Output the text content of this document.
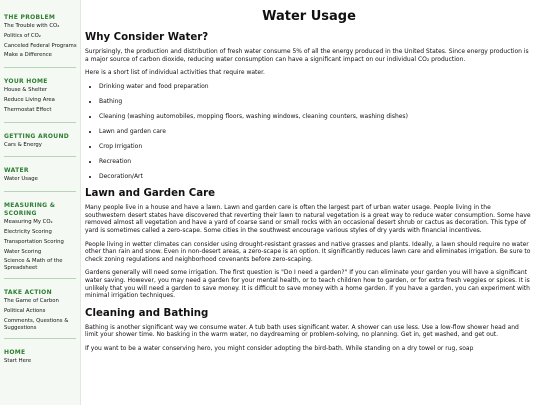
THE PROBLEM
The Trouble with CO₂
Politics of CO₂
Canceled Federal Programs
Make a Difference
YOUR HOME
House & Shelter
Reduce Living Area
Thermostat Effect
GETTING AROUND
Cars & Energy
WATER
Water Usage
MEASURING & SCORING
Measuring My CO₂
Electricity Scoring
Transportation Scoring
Water Scoring
Science & Math of the Spreadsheet
TAKE ACTION
The Game of Carbon
Political Actions
Comments, Questions & Suggestions
HOME
Start Here
Water Usage
Why Consider Water?

Surprisingly, the production and distribution of fresh water consume 5% of all the energy produced in the United States. Since energy production is a major source of carbon dioxide, reducing water consumption can have a significant impact on our individual CO₂ production.

Here is a short list of individual activities that require water.

• Drinking water and food preparation
• Bathing
• Cleaning (washing automobiles, mopping floors, washing windows, cleaning counters, washing dishes)
• Lawn and garden care
• Crop Irrigation
• Recreation
• Decoration/Art
Lawn and Garden Care

Many people live in a house and have a lawn. Lawn and garden care is often the largest part of urban water usage. People living in the southwestern desert states have discovered that reverting their lawn to natural vegetation is a great way to reduce water consumption. Some have removed almost all vegetation and have a yard of coarse sand or small rocks with an occasional desert shrub or cactus as decoration. This type of yard is sometimes called a zero-scape. Some cities in the southwest encourage various styles of dry yards with financial incentives.

People living in wetter climates can consider using drought-resistant grasses and native grasses and plants. Ideally, a lawn should require no water other than rain and snow. Even in non-desert areas, a zero-scape is an option. It significantly reduces lawn care and eliminates irrigation. Be sure to check zoning regulations and neighborhood covenants before zero-scaping.

Gardens generally will need some irrigation. The first question is "Do I need a garden?" If you can eliminate your garden you will have a significant water saving. However, you may need a garden for your mental health, or to teach children how to garden, or for extra fresh veggies or spices. It is unlikely that you will need a garden to save money. It is difficult to save money with a home garden. If you have a garden, you can experiment with minimal irrigation techniques.

Cleaning and Bathing

Bathing is another significant way we consume water. A tub bath uses significant water. A shower can use less. Use a low-flow shower head and limit your shower time. No basking in the warm water, no daydreaming or problem-solving, no planning. Get in, get washed, and get out.

If you want to be a water conserving hero, you might consider adopting the bird-bath. While standing on a dry towel or rug, soap
